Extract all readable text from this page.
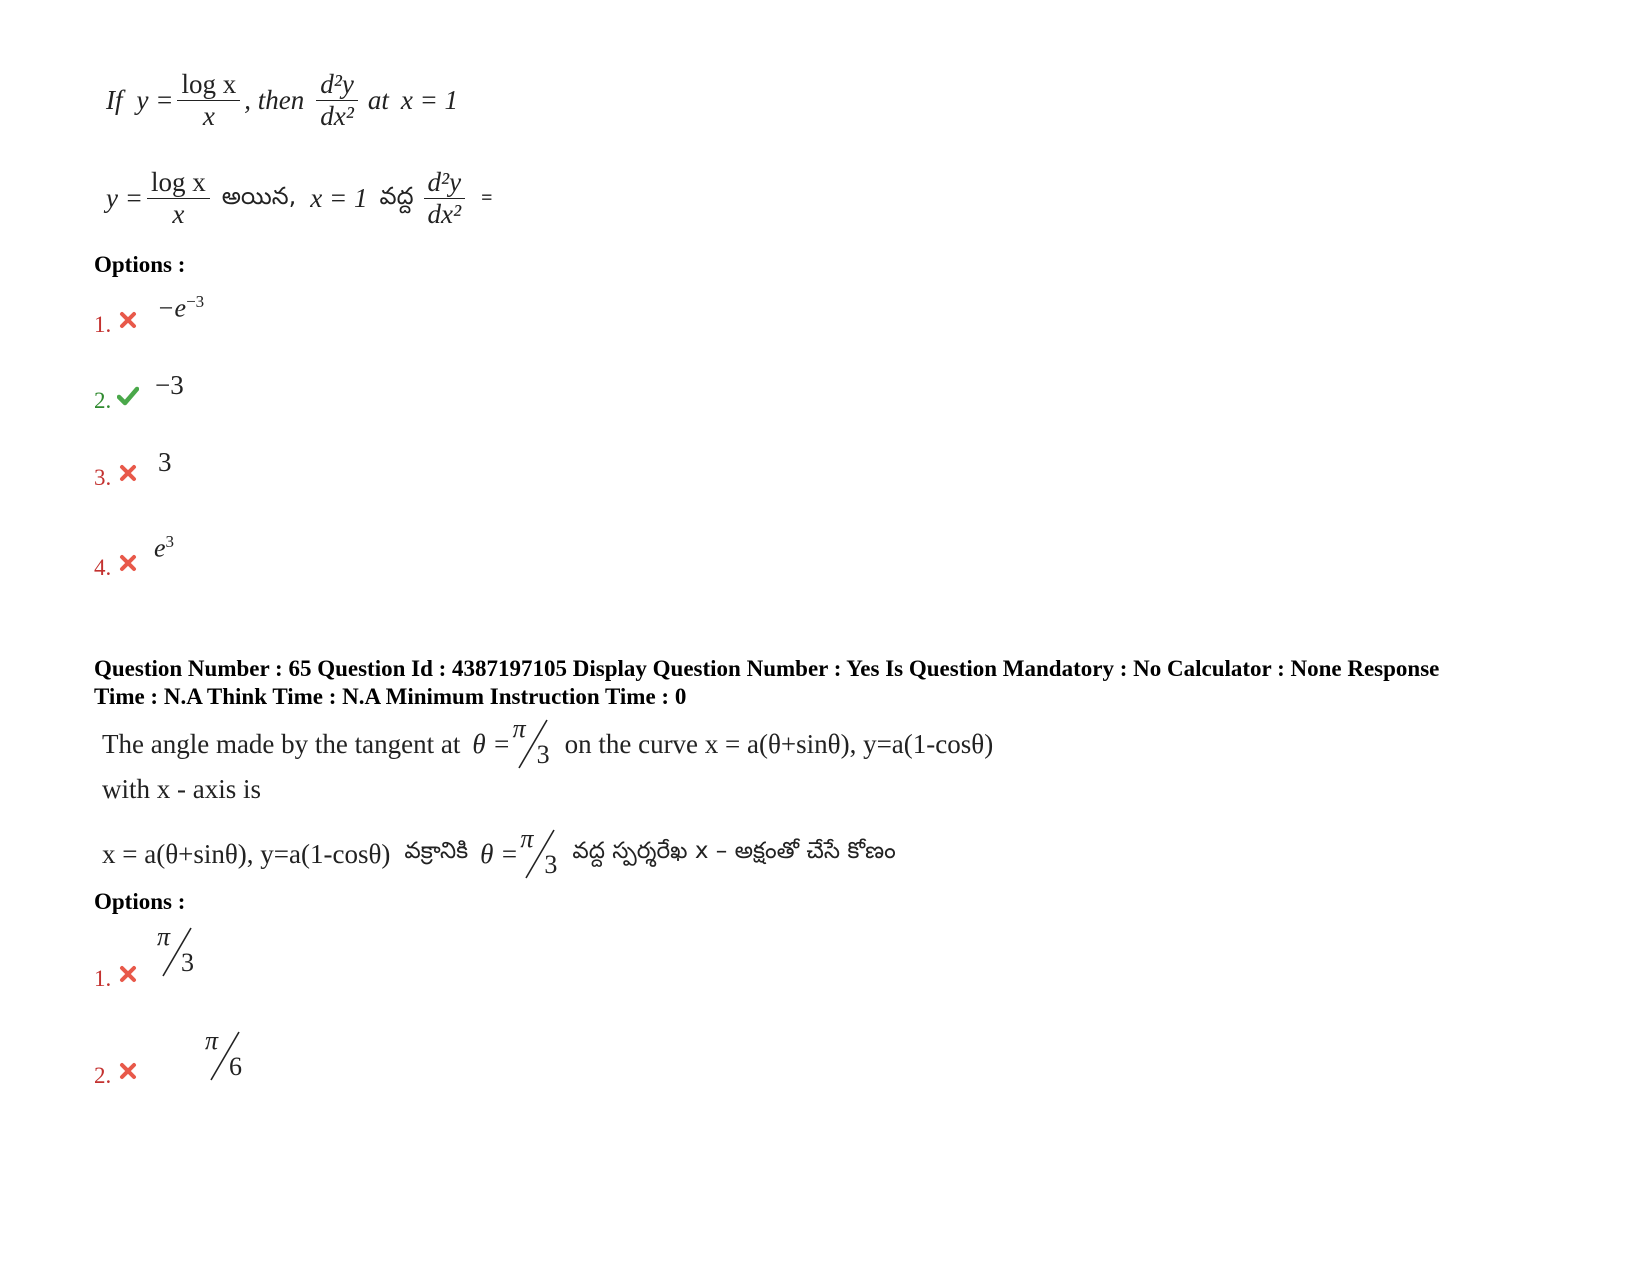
If $y = \frac{\text{log x}}{x}$ , then $\frac{\text{d²y}}{\text{dx²}}$ at x = 1
$y = \frac{\text{log x}}{x}$ అయిన, x = 1 వద్ద $\frac{\text{d²y}}{\text{dx²}}$ =
Options :
1.
$-e^{-3}$
2.
−3
3.
3
4.
$e^3$
Question Number : 65 Question Id : 4387197105 Display Question Number : Yes Is Question Mandatory : No Calculator : None Response
Time : N.A Think Time : N.A Minimum Instruction Time : 0
The angle made by the tangent at θ = π
3 on the curve x = a(θ+sinθ), y=a(1-cosθ)
with x - axis is
x = a(θ+sinθ), y=a(1-cosθ) వక్రానికి θ = π
3 వద్ద స్పర్శరేఖ x – అక్షంతో చేసే కోణం
Options :
1.
π
3

2.
π
6
